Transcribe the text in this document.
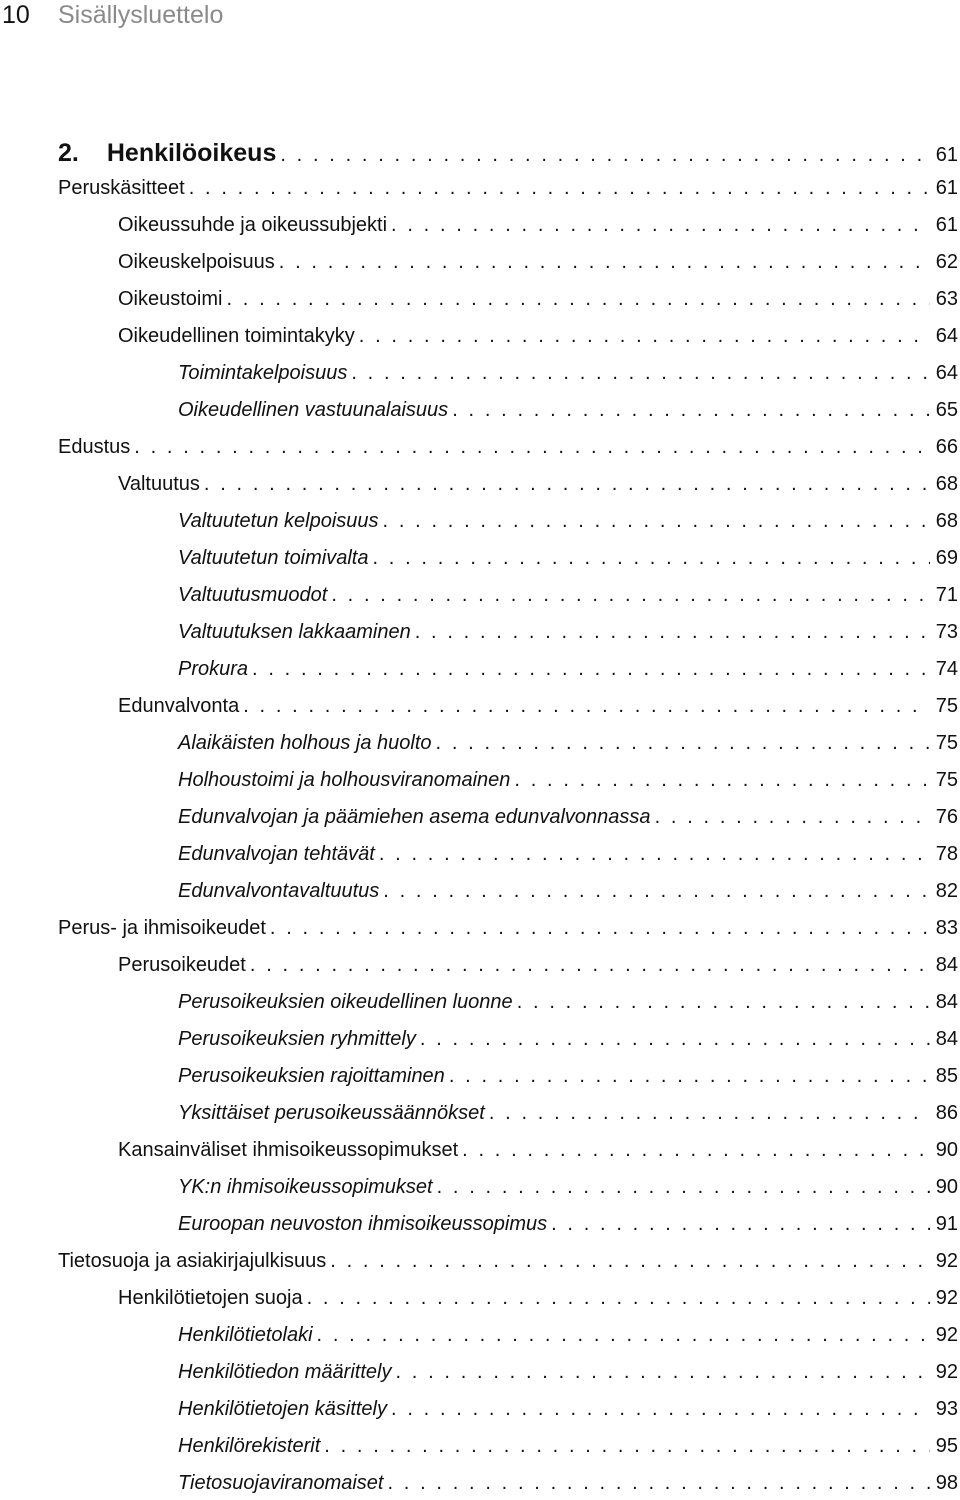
10 Sisällysluettelo
2. Henkilöoikeus . . .	61
Peruskäsitteet . . .	61
Oikeussuhde ja oikeussubjekti . . .	61
Oikeuskelpoisuus . . .	62
Oikeustoimi . . .	63
Oikeudellinen toimintakyky . . .	64
Toimintakelpoisuus . . .	64
Oikeudellinen vastuunalaisuus . . .	65
Edustus . . .	66
Valtuutus . . .	68
Valtuutetun kelpoisuus . . .	68
Valtuutetun toimivalta . . .	69
Valtuutusmuodot . . .	71
Valtuutuksen lakkaaminen . . .	73
Prokura . . .	74
Edunvalvonta . . .	75
Alaikäisten holhous ja huolto . . .	75
Holhoustoimi ja holhousviranomainen . . .	75
Edunvalvojan ja päämiehen asema edunvalvonnassa . . .	76
Edunvalvojan tehtävät . . .	78
Edunvalvontavaltuutus . . .	82
Perus- ja ihmisoikeudet . . .	83
Perusoikeudet . . .	84
Perusoikeuksien oikeudellinen luonne . . .	84
Perusoikeuksien ryhmittely . . .	84
Perusoikeuksien rajoittaminen . . .	85
Yksittäiset perusoikeussäännökset . . .	86
Kansainväliset ihmisoikeussopimukset . . .	90
YK:n ihmisoikeussopimukset . . .	90
Euroopan neuvoston ihmisoikeussopimus . . .	91
Tietosuoja ja asiakirjajulkisuus . . .	92
Henkilötietojen suoja . . .	92
Henkilötietolaki . . .	92
Henkilötiedon määrittely . . .	92
Henkilötietojen käsittely . . .	93
Henkilörekisterit . . .	95
Tietosuojaviranomaiset . . .	98
